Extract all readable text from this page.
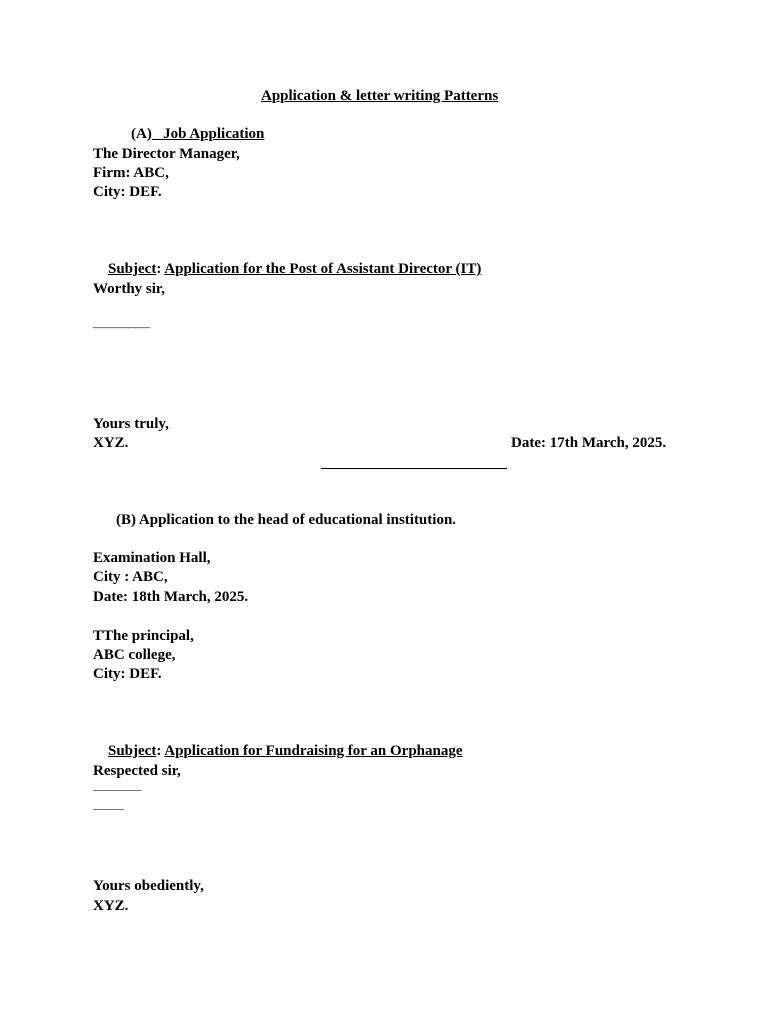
Application & letter writing Patterns

(A) Job Application

The Director Manager,
Firm: ABC,
City: DEF.

Subject: Application for the Post of Assistant Director (IT)

Worthy sir,
————————
Yours truly,
XYZ.	Date: 17th March, 2025.
(B) Application to the head of educational institution.
Examination Hall,
City : ABC,
Date: 18th March, 2025.
TThe principal,
ABC college,
City: DEF.

Subject: Application for Fundraising for an Orphanage

Respected sir,
————————
—————
Yours obediently,
XYZ.
